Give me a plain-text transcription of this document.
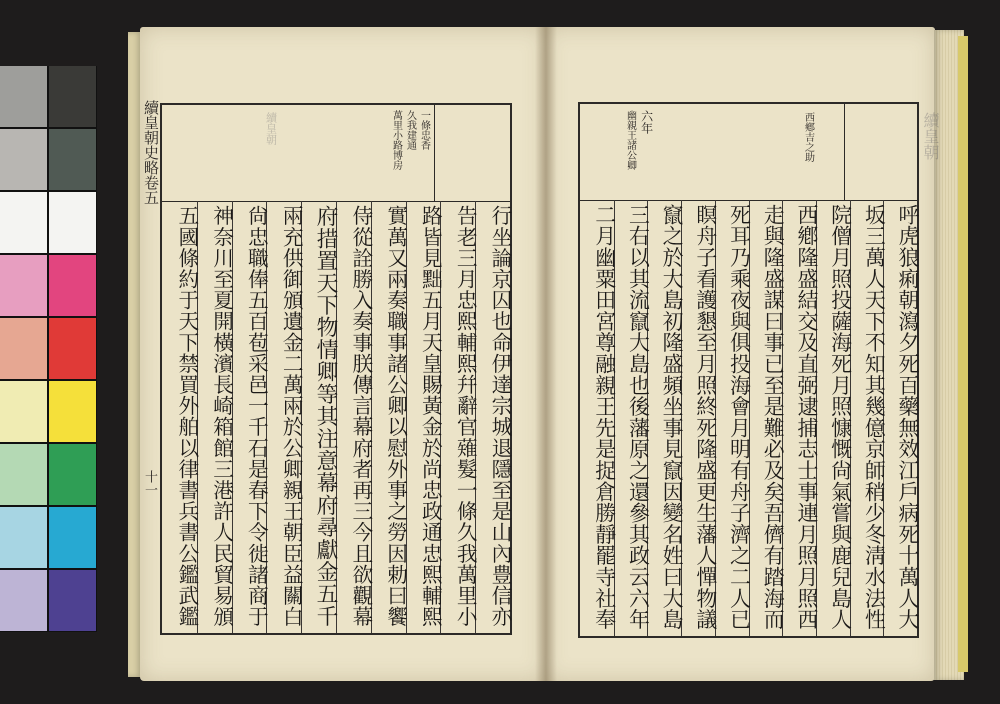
續皇朝史略卷五
十一	行坐論京囚也命伊達宗城退隱至是山內豊信亦
告老三月忠熙輔熙幷辭官薙髮一條久我萬里小
路皆見黜五月天皇賜黃金於尚忠政通忠熙輔熙
實萬又兩奏職事諸公卿以慰外事之勞因勅曰饗
侍從詮勝入奏事朕傳言幕府者再三今且欲觀幕
府措置天下物情卿等其注意幕府尋獻金五千
兩充供御頒遺金二萬兩於公卿親王朝臣益關白
尙忠職俸五百苞采邑一千石是春下令徙諸商于
神奈川至夏開橫濱長崎箱館三港許人民貿易頒
五國條約于天下禁買外舶以律書兵書公鑑武鑑
續皇朝	一條忠香
久我建通
萬里小路博房
呼虎狼痢朝瀉夕死百藥無效江戶病死十萬人大
坂三萬人天下不知其幾億京師稍少冬淸水法性
院僧月照投薩海死月照慷慨尙氣嘗與鹿兒島人
西鄕隆盛結交及直弼逮捕志士事連月照月照西
走與隆盛謀曰事已至是難必及矣吾儕有踏海而
死耳乃乘夜與俱投海會月明有舟子濟之二人已
瞑舟子看護懇至月照終死隆盛更生藩人憚物議
竄之於大島初隆盛頻坐事見竄因變名姓曰大島
三右以其流竄大島也後藩原之還參其政云六年
二月幽粟田宮尊融親王先是捉倉勝靜罷寺社奉
西鄕吉之助
六年
幽親王諸公卿	續皇朝
